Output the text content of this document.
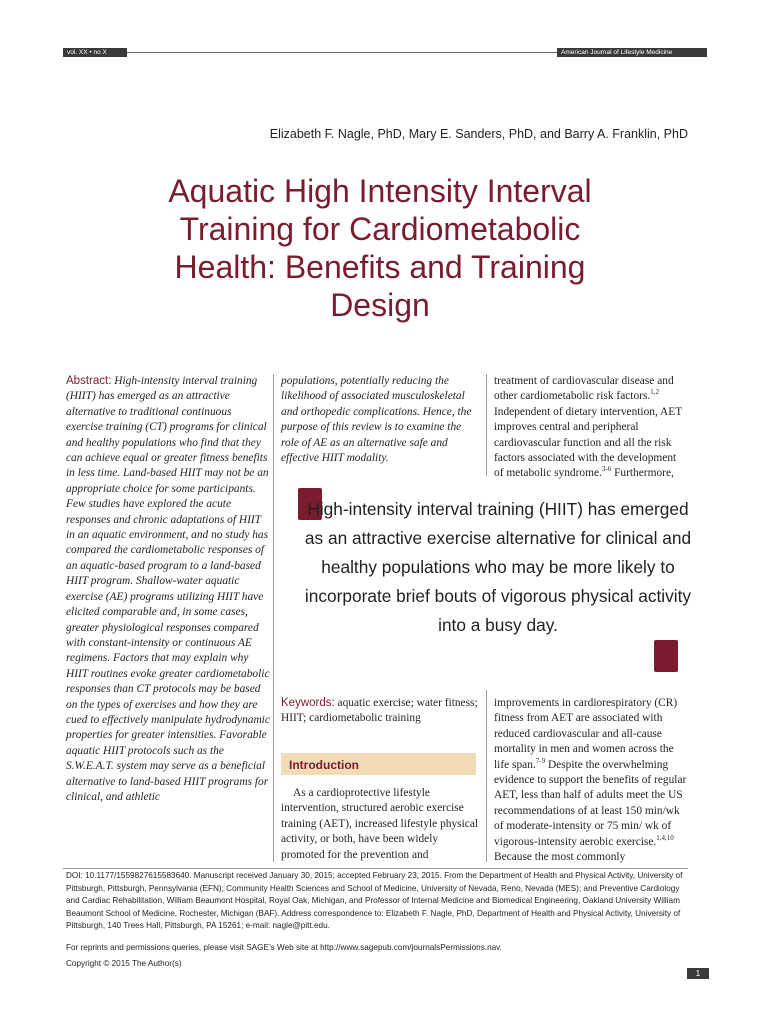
vol. XX • no X	American Journal of Lifestyle Medicine
Elizabeth F. Nagle, PhD, Mary E. Sanders, PhD, and Barry A. Franklin, PhD
Aquatic High Intensity Interval
Training for Cardiometabolic
Health: Benefits and Training
Design
Abstract: High-intensity interval training (HIIT) has emerged as an attractive alternative to traditional continuous exercise training (CT) programs for clinical and healthy populations who find that they can achieve equal or greater fitness benefits in less time. Land-based HIIT may not be an appropriate choice for some participants. Few studies have explored the acute responses and chronic adaptations of HIIT in an aquatic environment, and no study has compared the cardiometabolic responses of an aquatic-based program to a land-based HIIT program. Shallow-water aquatic exercise (AE) programs utilizing HIIT have elicited comparable and, in some cases, greater physiological responses compared with constant-intensity or continuous AE regimens. Factors that may explain why HIIT routines evoke greater cardiometabolic responses than CT protocols may be based on the types of exercises and how they are cued to effectively manipulate hydrodynamic properties for greater intensities. Favorable aquatic HIIT protocols such as the S.W.E.A.T. system may serve as a beneficial alternative to land-based HIIT programs for clinical, and athletic
populations, potentially reducing the likelihood of associated musculoskeletal and orthopedic complications. Hence, the purpose of this review is to examine the role of AE as an alternative safe and effective HIIT modality.
treatment of cardiovascular disease and other cardiometabolic risk factors.$^{1,2}$ Independent of dietary intervention, AET improves central and peripheral cardiovascular function and all the risk factors associated with the development of metabolic syndrome.$^{3-6}$ Furthermore,
High-intensity interval training (HIIT) has emerged as an attractive exercise alternative for clinical and healthy populations who may be more likely to incorporate brief bouts of vigorous physical activity into a busy day.
Keywords: aquatic exercise; water fitness; HIIT; cardiometabolic training
Introduction
As a cardioprotective lifestyle intervention, structured aerobic exercise training (AET), increased lifestyle physical activity, or both, have been widely promoted for the prevention and
improvements in cardiorespiratory (CR) fitness from AET are associated with reduced cardiovascular and all-cause mortality in men and women across the life span.$^{7-9}$ Despite the overwhelming evidence to support the benefits of regular AET, less than half of adults meet the US recommendations of at least 150 min/wk of moderate-intensity or 75 min/ wk of vigorous-intensity aerobic exercise.$^{1,4,10}$ Because the most commonly
DOI: 10.1177/1559827615583640. Manuscript received January 30, 2015; accepted February 23, 2015. From the Department of Health and Physical Activity, University of Pittsburgh, Pittsburgh, Pennsylvania (EFN); Community Health Sciences and School of Medicine, University of Nevada, Reno, Nevada (MES); and Preventive Cardiology and Cardiac Rehabilitation, William Beaumont Hospital, Royal Oak, Michigan, and Professor of Internal Medicine and Biomedical Engineering, Oakland University William Beaumont School of Medicine, Rochester, Michigan (BAF). Address correspondence to: Elizabeth F. Nagle, PhD, Department of Health and Physical Activity, University of Pittsburgh, 140 Trees Hall, Pittsburgh, PA 15261; e-mail: nagle@pitt.edu.
For reprints and permissions queries, please visit SAGE’s Web site at http://www.sagepub.com/journalsPermissions.nav.
Copyright © 2015 The Author(s)
1
